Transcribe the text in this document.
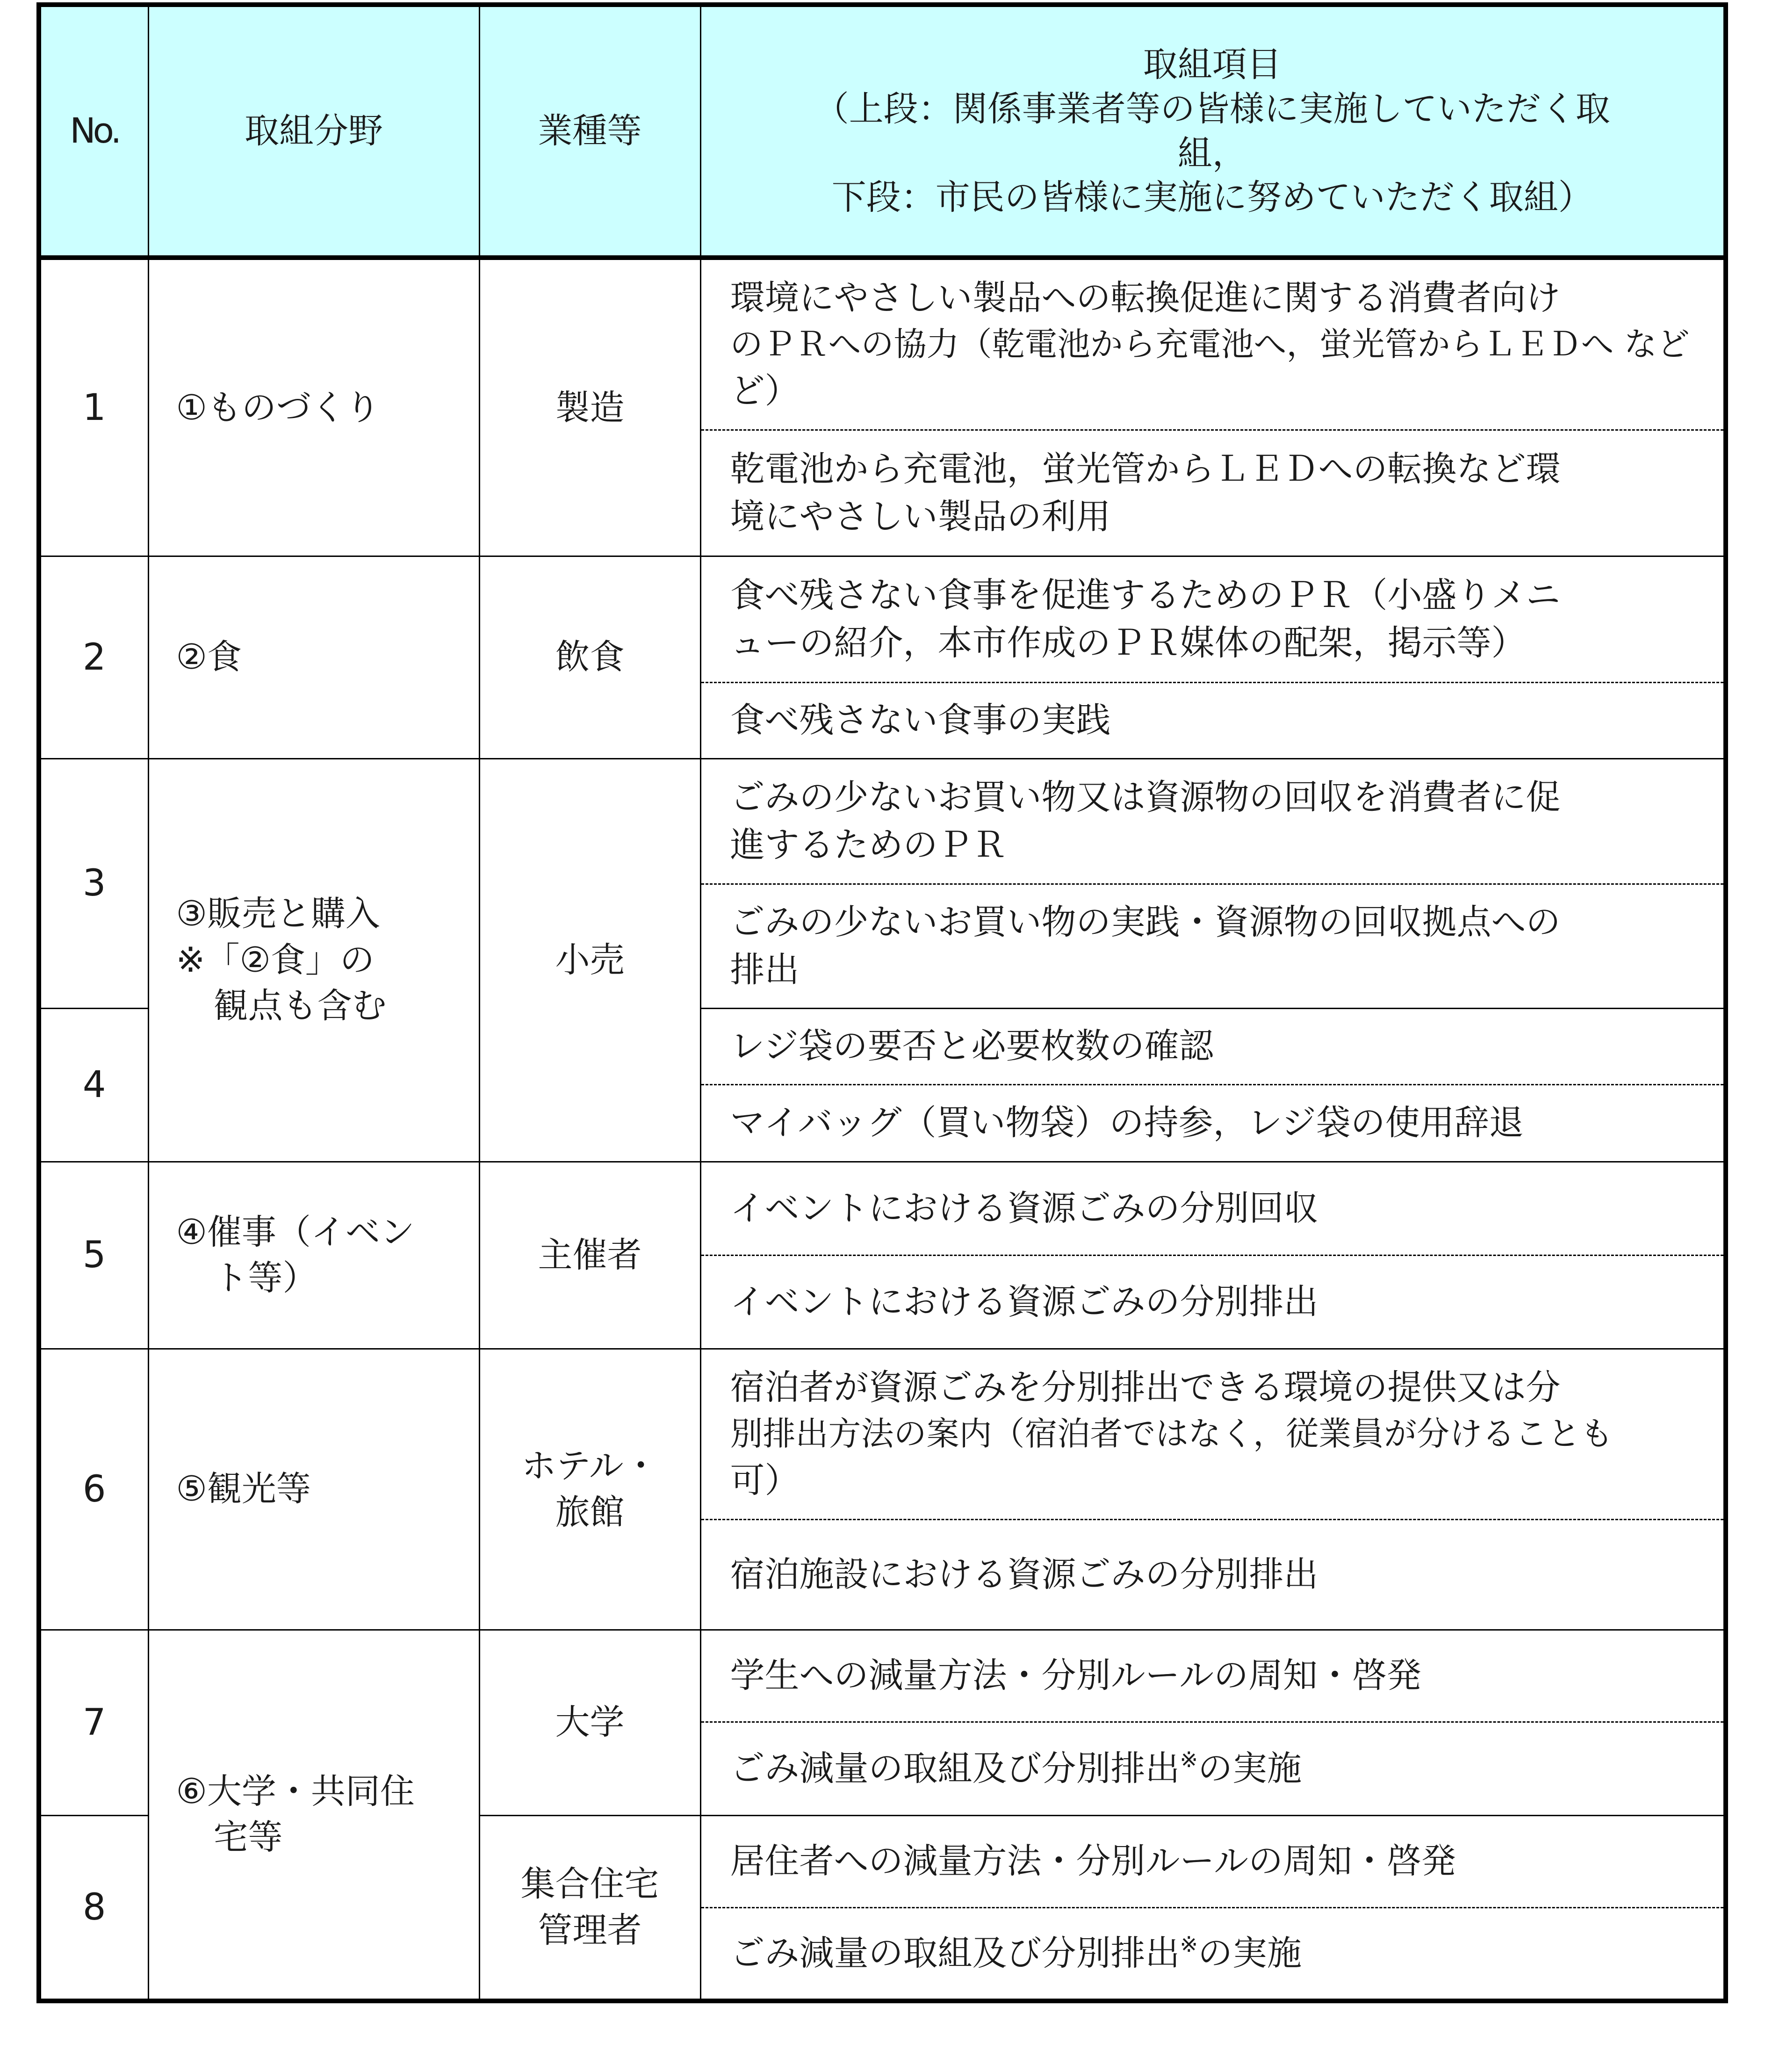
No.	取組分野	業種等	取組項目
（上段：関係事業者等の皆様に実施していただく取
組，
下段：市民の皆様に実施に努めていただく取組）

1	①ものづくり	製造	環境にやさしい製品への転換促進に関する消費者向け
のＰＲへの協力（乾電池から充電池へ，蛍光管からＬＥＤへ など
ど）

			乾電池から充電池，蛍光管からＬＥＤへの転換など環
境にやさしい製品の利用

2	②食	飲食	食べ残さない食事を促進するためのＰＲ（小盛りメニ
ューの紹介，本市作成のＰＲ媒体の配架，掲示等）

			食べ残さない食事の実践

3	③販売と購入
※「②食」の
観点も含む	小売	ごみの少ないお買い物又は資源物の回収を消費者に促
進するためのＰＲ

			ごみの少ないお買い物の実践・資源物の回収拠点への
排出

4			レジ袋の要否と必要枚数の確認

			マイバッグ（買い物袋）の持参，レジ袋の使用辞退

5	④催事（イベン
ト等）	主催者	イベントにおける資源ごみの分別回収

			イベントにおける資源ごみの分別排出

6	⑤観光等	ホテル・
旅館	宿泊者が資源ごみを分別排出できる環境の提供又は分
別排出方法の案内（宿泊者ではなく，従業員が分けることも
可）

			宿泊施設における資源ごみの分別排出

7	⑥大学・共同住
宅等	大学	学生への減量方法・分別ルールの周知・啓発

			ごみ減量の取組及び分別排出※の実施

8		集合住宅
管理者	居住者への減量方法・分別ルールの周知・啓発

			ごみ減量の取組及び分別排出※の実施
